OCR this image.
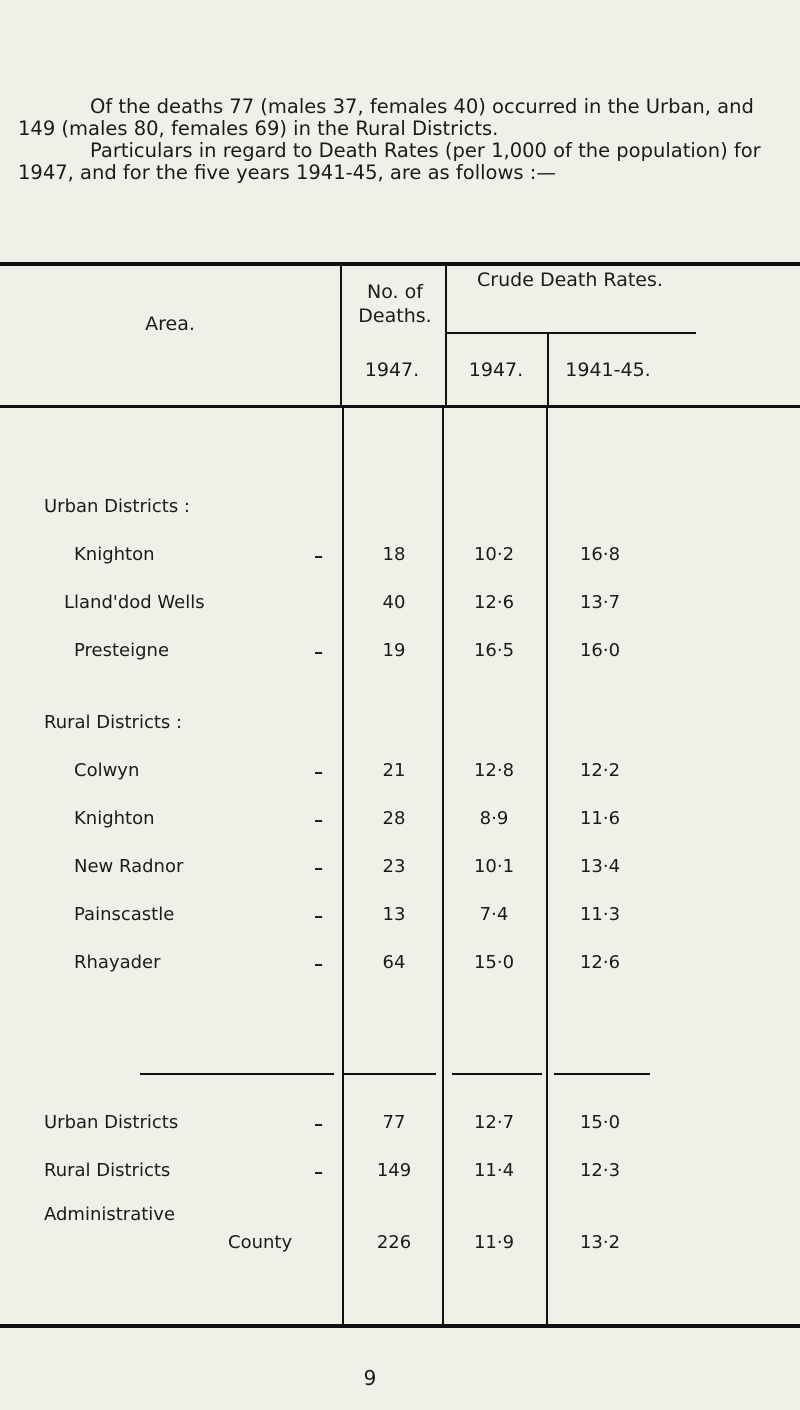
Of the deaths 77 (males 37, females 40) occurred in the Urban, and 149 (males 80, females 69) in the Rural Districts.

Particulars in regard to Death Rates (per 1,000 of the population) for 1947, and for the five years 1941-45, are as follows :—

Area.
No. of Deaths.
Crude Death Rates.
1947.	1947.	1941-45.
Urban Districts :
Knighton	18	10·2	16·8
Lland'dod Wells	40	12·6	13·7
Presteigne	19	16·5	16·0
Rural Districts :
Colwyn	21	12·8	12·2
Knighton	28	8·9	11·6
New Radnor	23	10·1	13·4
Painscastle	13	7·4	11·3
Rhayader	64	15·0	12·6
Urban Districts	77	12·7	15·0
Rural Districts	149	11·4	12·3
Administrative
County	226	11·9	13·2
9
